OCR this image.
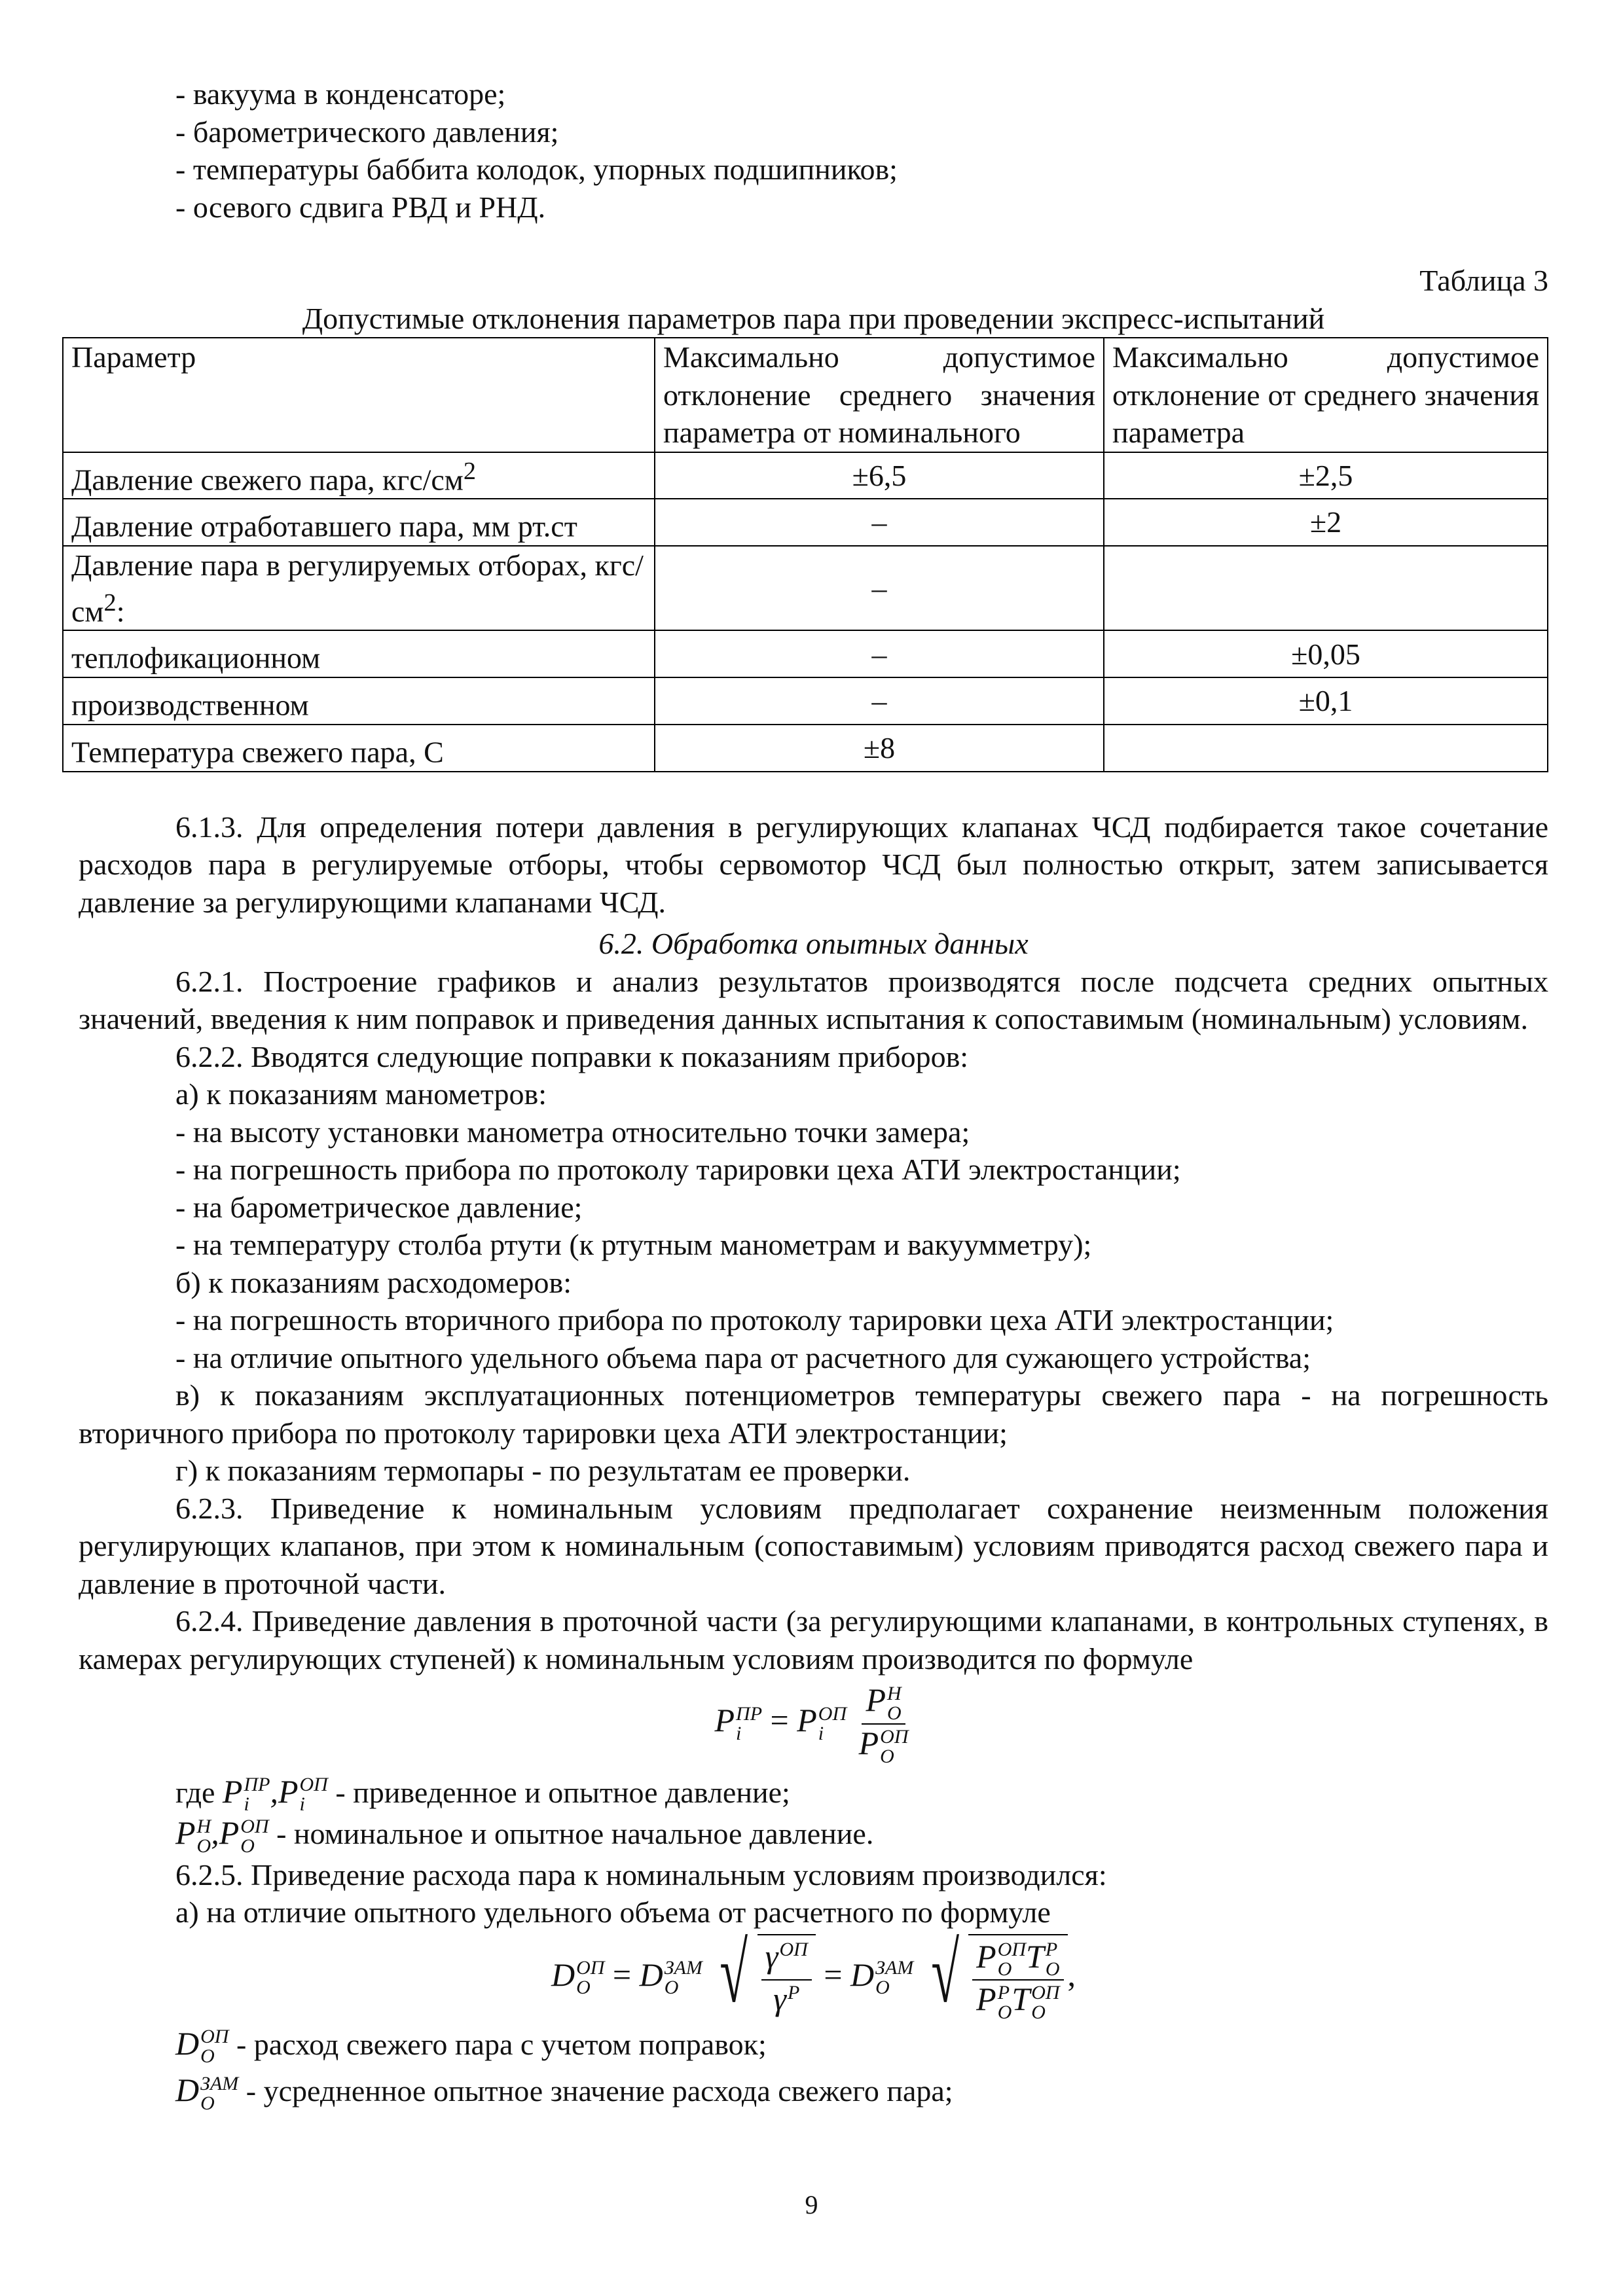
- вакуума в конденсаторе;
- барометрического давления;
- температуры баббита колодок, упорных подшипников;
- осевого сдвига РВД и РНД.
Таблица 3
Допустимые отклонения параметров пара при проведении экспресс-испытаний
Параметр	Максимально допустимое отклонение среднего значения параметра от номинального	Максимально допустимое отклонение от среднего значения параметра
Давление свежего пара, кгс/$см^2$	±6,5	±2,5
Давление отработавшего пара, мм рт.ст	–	±2
Давление пара в регулируемых отборах, кгс/$см^2$:	–	
теплофикационном	–	±0,05
производственном	–	±0,1
Температура свежего пара, С	±8	
6.1.3. Для определения потери давления в регулирующих клапанах ЧСД подбирается такое сочетание расходов пара в регулируемые отборы, чтобы сервомотор ЧСД был полностью открыт, затем записывается давление за регулирующими клапанами ЧСД.
6.2. Обработка опытных данных
6.2.1. Построение графиков и анализ результатов производятся после подсчета средних опытных значений, введения к ним поправок и приведения данных испытания к сопоставимым (номинальным) условиям.
6.2.2. Вводятся следующие поправки к показаниям приборов:
а) к показаниям манометров:
- на высоту установки манометра относительно точки замера;
- на погрешность прибора по протоколу тарировки цеха АТИ электростанции;
- на барометрическое давление;
- на температуру столба ртути (к ртутным манометрам и вакуумметру);
б) к показаниям расходомеров:
- на погрешность вторичного прибора по протоколу тарировки цеха АТИ электростанции;
- на отличие опытного удельного объема пара от расчетного для сужающего устройства;
в) к показаниям эксплуатационных потенциометров температуры свежего пара - на погрешность вторичного прибора по протоколу тарировки цеха АТИ электростанции;
г) к показаниям термопары - по результатам ее проверки.
6.2.3. Приведение к номинальным условиям предполагает сохранение неизменным положения регулирующих клапанов, при этом к номинальным (сопоставимым) условиям приводятся расход свежего пара и давление в проточной части.
6.2.4. Приведение давления в проточной части (за регулирующими клапанами, в контрольных ступенях, в камерах регулирующих ступеней) к номинальным условиям производится по формуле
P ПР
i = P ОП
i
P Н
O
P ОП
O
где P ПР
i ,P ОП
i	- приведенное и опытное давление;
P Н
O ,P ОП
O - номинальное и опытное начальное давление.
6.2.5. Приведение расхода пара к номинальным условиям производился:
а) на отличие опытного удельного объема от расчетного по формуле
D ОП
O = D ЗАМ
O
√ $\frac{\text{γ ОП}}{\text{γ Р}} = D$ ЗАМ
O
√ P ОП
O T Р
O
P Р
O T ОП
O ,
D ОП
O - расход свежего пара с учетом поправок;
D ЗАМ
O	- усредненное опытное значение расхода свежего пара;
9
